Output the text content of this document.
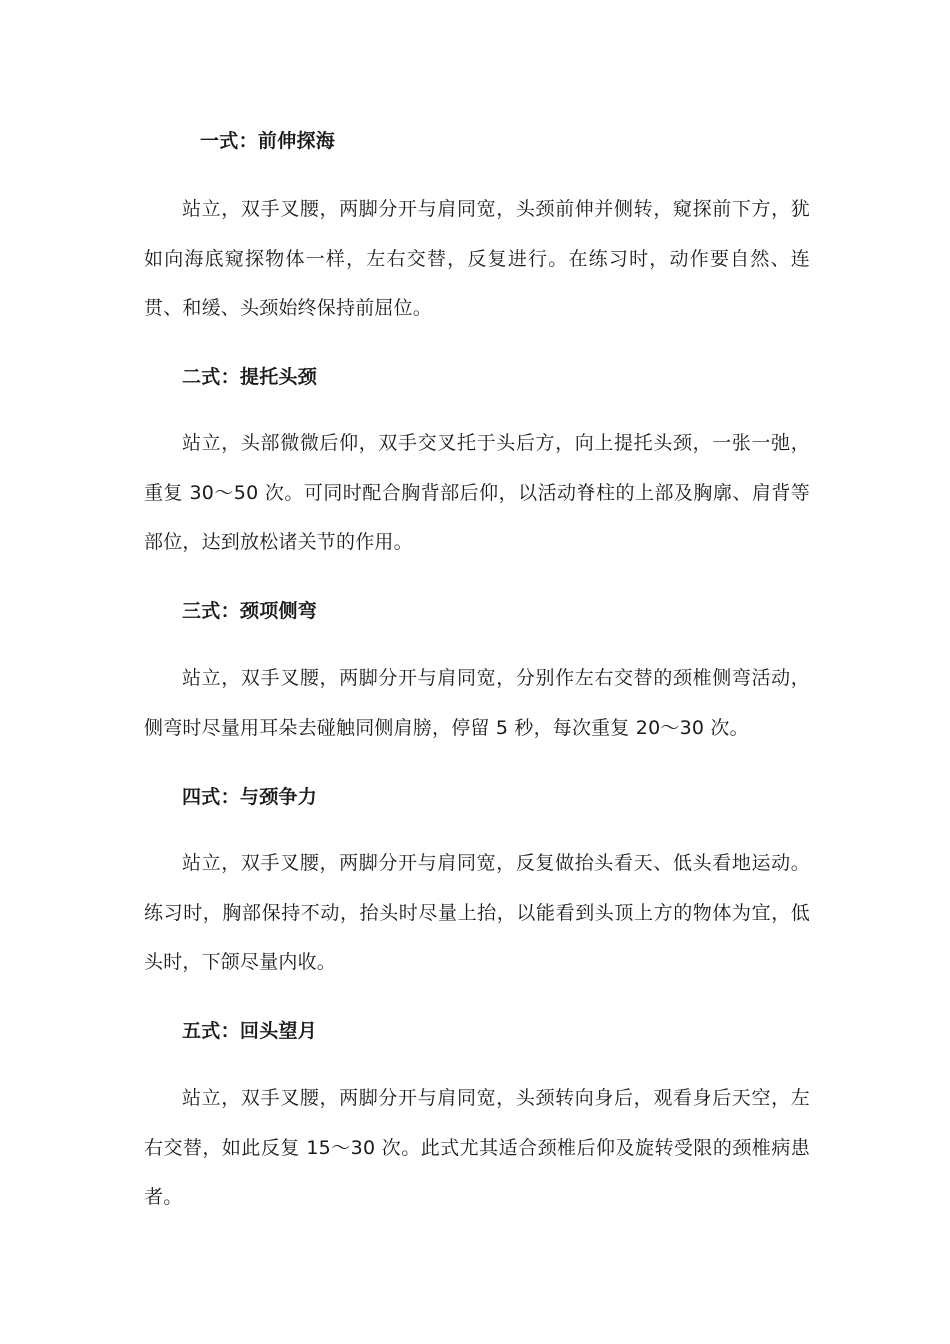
一式：前伸探海
站立，双手叉腰，两脚分开与肩同宽，头颈前伸并侧转，窥探前下方，犹如向海底窥探物体一样，左右交替，反复进行。在练习时，动作要自然、连贯、和缓、头颈始终保持前屈位。
二式：提托头颈
站立，头部微微后仰，双手交叉托于头后方，向上提托头颈，一张一弛，重复 30～50 次。可同时配合胸背部后仰，以活动脊柱的上部及胸廓、肩背等部位，达到放松诸关节的作用。
三式：颈项侧弯
站立，双手叉腰，两脚分开与肩同宽，分别作左右交替的颈椎侧弯活动，侧弯时尽量用耳朵去碰触同侧肩膀，停留 5 秒，每次重复 20～30 次。
四式：与颈争力
站立，双手叉腰，两脚分开与肩同宽，反复做抬头看天、低头看地运动。练习时，胸部保持不动，抬头时尽量上抬，以能看到头顶上方的物体为宜，低头时，下颌尽量内收。
五式：回头望月
站立，双手叉腰，两脚分开与肩同宽，头颈转向身后，观看身后天空，左右交替，如此反复 15～30 次。此式尤其适合颈椎后仰及旋转受限的颈椎病患者。
